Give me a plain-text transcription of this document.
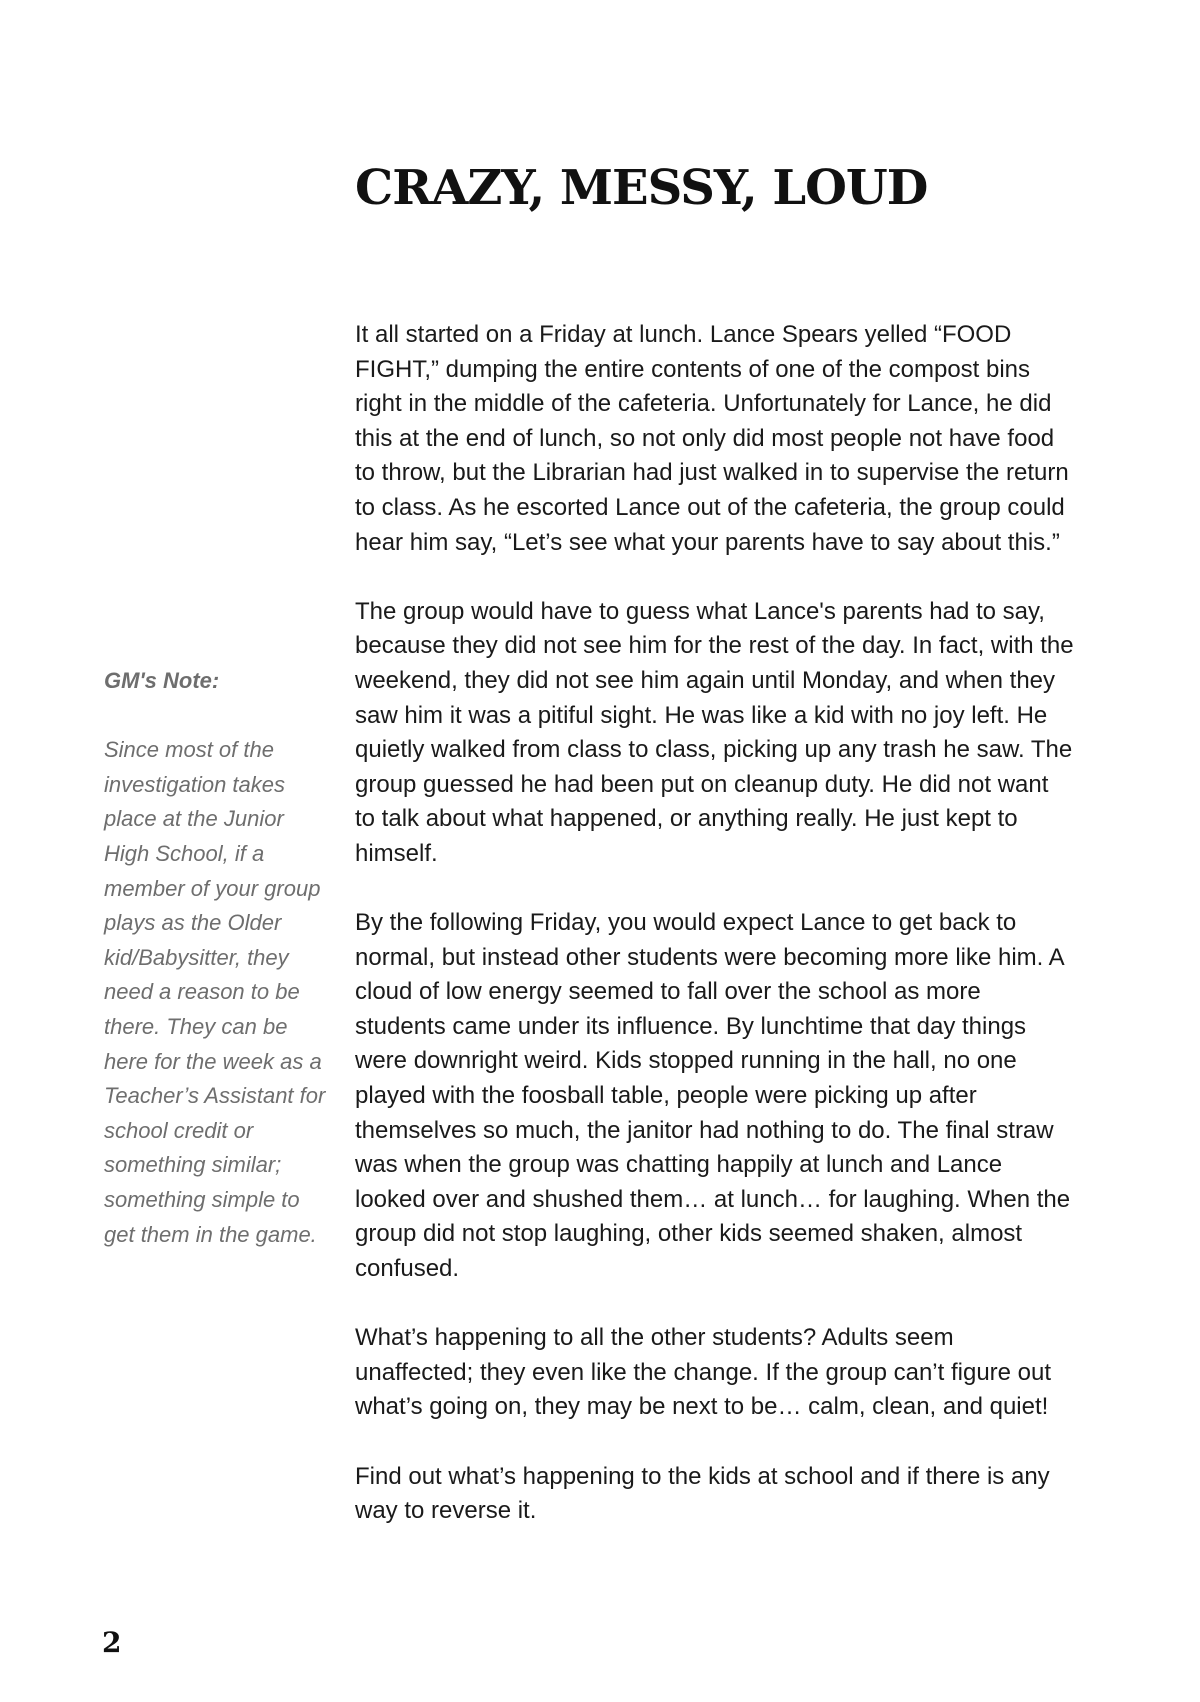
CRAZY, MESSY, LOUD

It all started on a Friday at lunch. Lance Spears yelled “FOOD FIGHT,” dumping the entire contents of one of the compost bins right in the middle of the cafeteria. Unfortunately for Lance, he did this at the end of lunch, so not only did most people not have food to throw, but the Librarian had just walked in to supervise the return to class. As he escorted Lance out of the cafeteria, the group could hear him say, “Let’s see what your parents have to say about this.”

The group would have to guess what Lance's parents had to say, because they did not see him for the rest of the day. In fact, with the weekend, they did not see him again until Monday, and when they saw him it was a pitiful sight. He was like a kid with no joy left. He quietly walked from class to class, picking up any trash he saw. The group guessed he had been put on cleanup duty. He did not want to talk about what happened, or anything really. He just kept to himself.

By the following Friday, you would expect Lance to get back to normal, but instead other students were becoming more like him. A cloud of low energy seemed to fall over the school as more students came under its influence. By lunchtime that day things were downright weird. Kids stopped running in the hall, no one played with the foosball table, people were picking up after themselves so much, the janitor had nothing to do. The final straw was when the group was chatting happily at lunch and Lance looked over and shushed them… at lunch… for laughing. When the group did not stop laughing, other kids seemed shaken, almost confused.

What’s happening to all the other students? Adults seem unaffected; they even like the change. If the group can’t figure out what’s going on, they may be next to be… calm, clean, and quiet!

Find out what’s happening to the kids at school and if there is any way to reverse it.

GM's Note:

Since most of the investigation takes place at the Junior High School, if a member of your group plays as the Older kid/Babysitter, they need a reason to be there. They can be here for the week as a Teacher’s Assistant for school credit or something similar; something simple to get them in the game.

2
